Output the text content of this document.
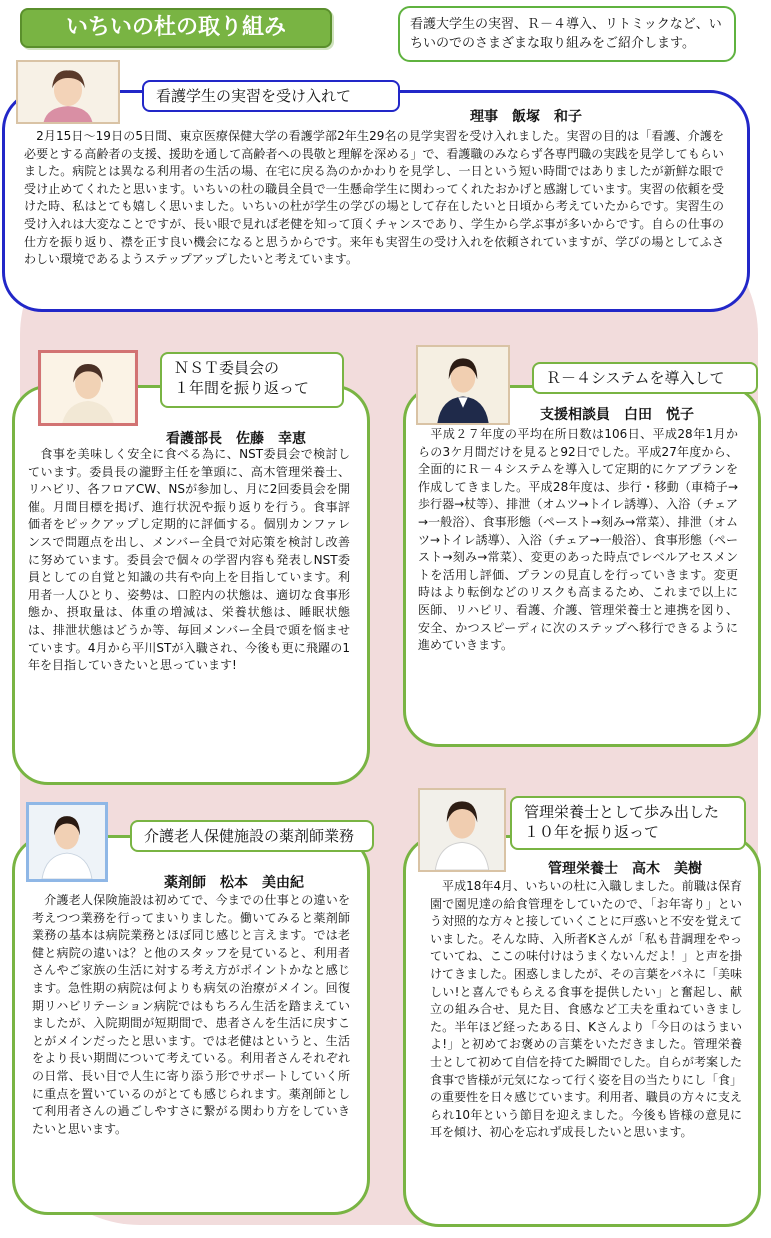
いちいの杜の取り組み	看護大学生の実習、Ｒ－４導入、リトミックなど、いちいのでのさまざまな取り組みをご紹介します。
看護学生の実習を受け入れて
理事　飯塚　和子
　2月15日～19日の5日間、東京医療保健大学の看護学部2年生29名の見学実習を受け入れました。実習の目的は「看護、介護を必要とする高齢者の支援、援助を通して高齢者への畏敬と理解を深める」で、看護職のみならず各専門職の実践を見学してもらいました。病院とは異なる利用者の生活の場、在宅に戻る為のかかわりを見学し、一日という短い時間ではありましたが新鮮な眼で受け止めてくれたと思います。いちいの杜の職員全員で一生懸命学生に関わってくれたおかげと感謝しています。実習の依頼を受けた時、私はとても嬉しく思いました。いちいの杜が学生の学びの場として存在したいと日頃から考えていたからです。実習生の受け入れは大変なことですが、長い眼で見れば老健を知って頂くチャンスであり、学生から学ぶ事が多いからです。自らの仕事の仕方を振り返り、襟を正す良い機会になると思うからです。来年も実習生の受け入れを依頼されていますが、学びの場としてふさわしい環境であるようステップアップしたいと考えています。
ＮＳＴ委員会の
１年間を振り返って
看護部長　佐藤　幸恵
　食事を美味しく安全に食べる為に、NST委員会で検討しています。委員長の瀧野主任を筆頭に、高木管理栄養士、リハビリ、各フロアCW、NSが参加し、月に2回委員会を開催。月間目標を掲げ、進行状況や振り返りを行う。食事評価者をピックアップし定期的に評価する。個別カンファレンスで問題点を出し、メンバー全員で対応策を検討し改善に努めています。委員会で個々の学習内容も発表しNST委員としての自覚と知識の共有や向上を目指しています。利用者一人ひとり、姿勢は、口腔内の状態は、適切な食事形態か、摂取量は、体重の増減は、栄養状態は、睡眠状態は、排泄状態はどうか等、毎回メンバー全員で頭を悩ませています。4月から平川STが入職され、今後も更に飛躍の1年を目指していきたいと思っています!
Ｒ－４システムを導入して
支援相談員　白田　悦子
　平成２７年度の平均在所日数は106日、平成28年1月からの3ケ月間だけを見ると92日でした。平成27年度から、全面的にＲ－４システムを導入して定期的にケアプランを作成してきました。平成28年度は、歩行・移動（車椅子→歩行器→杖等）、排泄（オムツ→トイレ誘導）、入浴（チェア→一般浴）、食事形態（ペースト→刻み→常菜）、排泄（オムツ→トイレ誘導）、入浴（チェア→一般浴）、食事形態（ペースト→刻み→常菜）、変更のあった時点でレベルアセスメントを活用し評価、プランの見直しを行っていきます。変更時はより転倒などのリスクも高まるため、これまで以上に医師、リハビリ、看護、介護、管理栄養士と連携を図り、安全、かつスピーディに次のステップへ移行できるように進めていきます。
介護老人保健施設の薬剤師業務
薬剤師　松本　美由紀
　介護老人保険施設は初めてで、今までの仕事との違いを考えつつ業務を行ってまいりました。働いてみると薬剤師業務の基本は病院業務とほぼ同じ感じと言えます。では老健と病院の違いは？と他のスタッフを見ていると、利用者さんやご家族の生活に対する考え方がポイントかなと感じます。急性期の病院は何よりも病気の治療がメイン。回復期リハビリテーション病院ではもちろん生活を踏まえていましたが、入院期間が短期間で、患者さんを生活に戻すことがメインだったと思います。では老健はというと、生活をより長い期間について考えている。利用者さんそれぞれの日常、長い目で人生に寄り添う形でサポートしていく所に重点を置いているのがとても感じられます。薬剤師として利用者さんの過ごしやすさに繋がる関わり方をしていきたいと思います。
管理栄養士として歩み出した
１０年を振り返って
管理栄養士　高木　美樹
　平成18年4月、いちいの杜に入職しました。前職は保育園で園児達の給食管理をしていたので、「お年寄り」という対照的な方々と接していくことに戸惑いと不安を覚えていました。そんな時、入所者Kさんが「私も昔調理をやっていてね、ここの味付けはうまくないんだよ！」と声を掛けてきました。困惑しましたが、その言葉をバネに「美味しい!と喜んでもらえる食事を提供したい」と奮起し、献立の組み合せ、見た目、食感など工夫を重ねていきました。半年ほど経ったある日、Kさんより「今日のはうまいよ!」と初めてお褒めの言葉をいただきました。管理栄養士として初めて自信を持てた瞬間でした。自らが考案した食事で皆様が元気になって行く姿を目の当たりにし「食」の重要性を日々感じています。利用者、職員の方々に支えられ10年という節目を迎えました。今後も皆様の意見に耳を傾け、初心を忘れず成長したいと思います。
